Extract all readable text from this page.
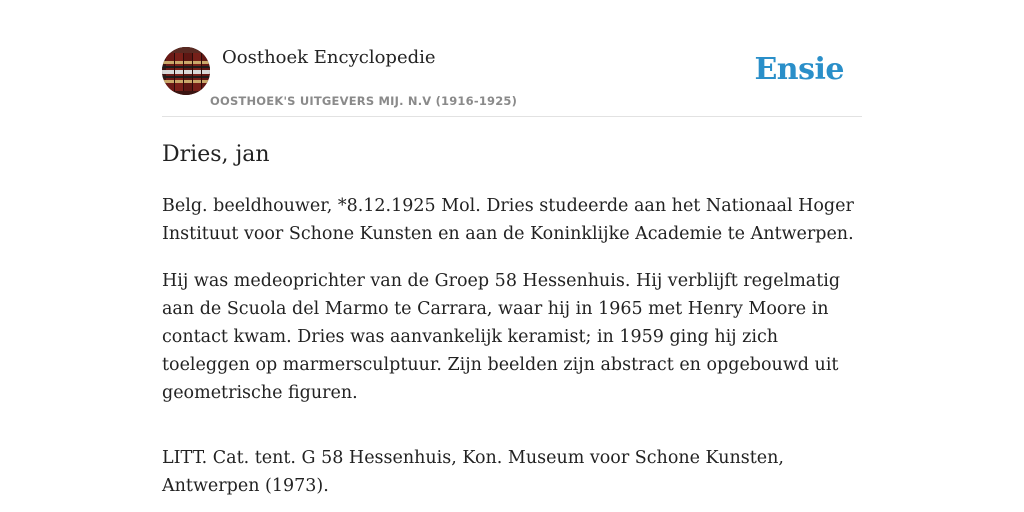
Oosthoek Encyclopedie
OOSTHOEK'S UITGEVERS MIJ. N.V (1916-1925)
Ensie
Dries, jan

Belg. beeldhouwer, *8.12.1925 Mol. Dries studeerde aan het Nationaal Hoger Instituut voor Schone Kunsten en aan de Koninklijke Academie te Antwerpen.

Hij was medeoprichter van de Groep 58 Hessenhuis. Hij verblijft regelmatig aan de Scuola del Marmo te Carrara, waar hij in 1965 met Henry Moore in contact kwam. Dries was aanvankelijk keramist; in 1959 ging hij zich toeleggen op marmersculptuur. Zijn beelden zijn abstract en opgebouwd uit geometrische figuren.

LITT. Cat. tent. G 58 Hessenhuis, Kon. Museum voor Schone Kunsten, Antwerpen (1973).
